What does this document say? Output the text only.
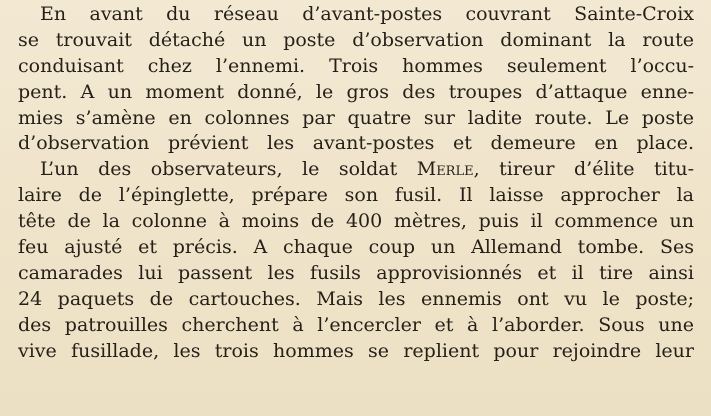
En avant du réseau d’avant-postes couvrant Sainte-Croix
se trouvait détaché un poste d’observation dominant la route
conduisant chez l’ennemi. Trois hommes seulement l’occu-
pent. A un moment donné, le gros des troupes d’attaque enne-
mies s’amène en colonnes par quatre sur ladite route. Le poste
d’observation prévient les avant-postes et demeure en place.
L’un des observateurs, le soldat Merle, tireur d’élite titu-
laire de l’épinglette, prépare son fusil. Il laisse approcher la
tête de la colonne à moins de 400 mètres, puis il commence un
feu ajusté et précis. A chaque coup un Allemand tombe. Ses
camarades lui passent les fusils approvisionnés et il tire ainsi
24 paquets de cartouches. Mais les ennemis ont vu le poste;
des patrouilles cherchent à l’encercler et à l’aborder. Sous une
vive fusillade, les trois hommes se replient pour rejoindre leur
